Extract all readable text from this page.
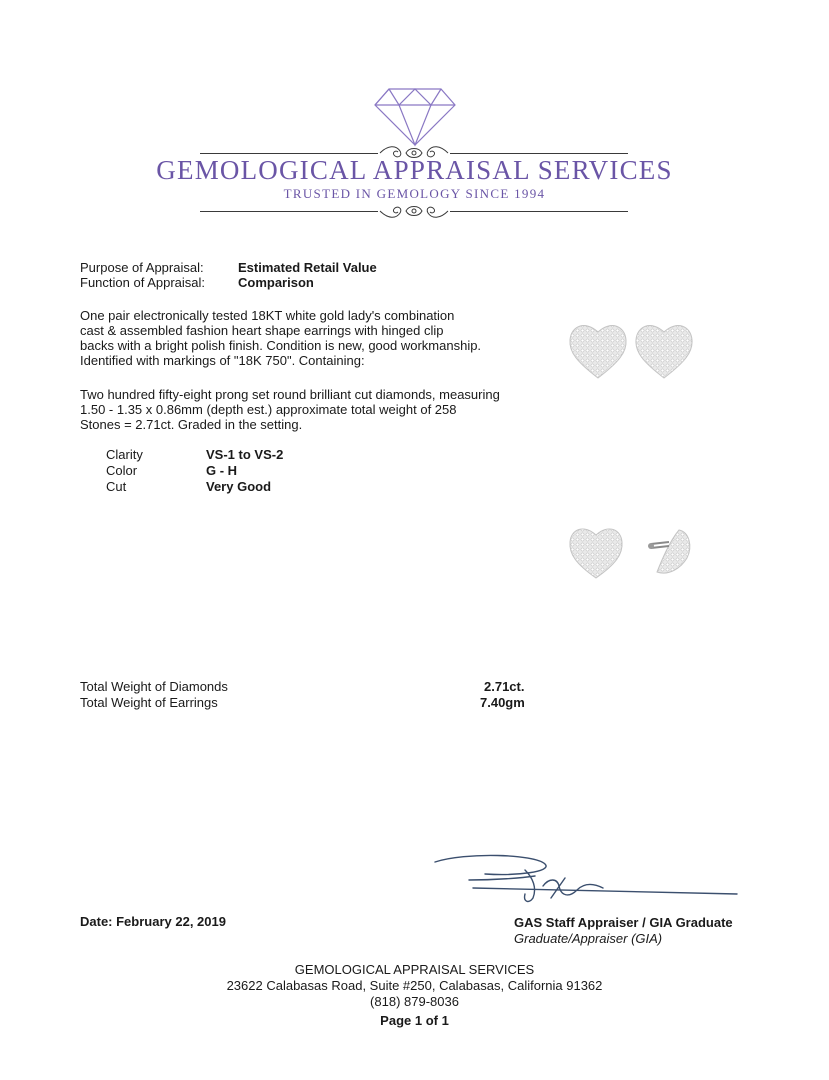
GEMOLOGICAL APPRAISAL SERVICES
TRUSTED IN GEMOLOGY SINCE 1994
Purpose of Appraisal:	Estimated Retail Value
Function of Appraisal:	Comparison
One pair electronically tested 18KT white gold lady's combination
cast & assembled fashion heart shape earrings with hinged clip
backs with a bright polish finish. Condition is new, good workmanship.
Identified with markings of "18K 750". Containing:
Two hundred fifty-eight prong set round brilliant cut diamonds, measuring
1.50 - 1.35 x 0.86mm (depth est.) approximate total weight of 258
Stones = 2.71ct. Graded in the setting.
Clarity	VS-1 to VS-2
Color	G - H
Cut	Very Good
Total Weight of Diamonds	2.71ct.
Total Weight of Earrings	7.40gm
Date: February 22, 2019	GAS Staff Appraiser / GIA Graduate
Graduate/Appraiser (GIA)
GEMOLOGICAL APPRAISAL SERVICES
23622 Calabasas Road, Suite #250, Calabasas, California 91362
(818) 879-8036
Page 1 of 1
